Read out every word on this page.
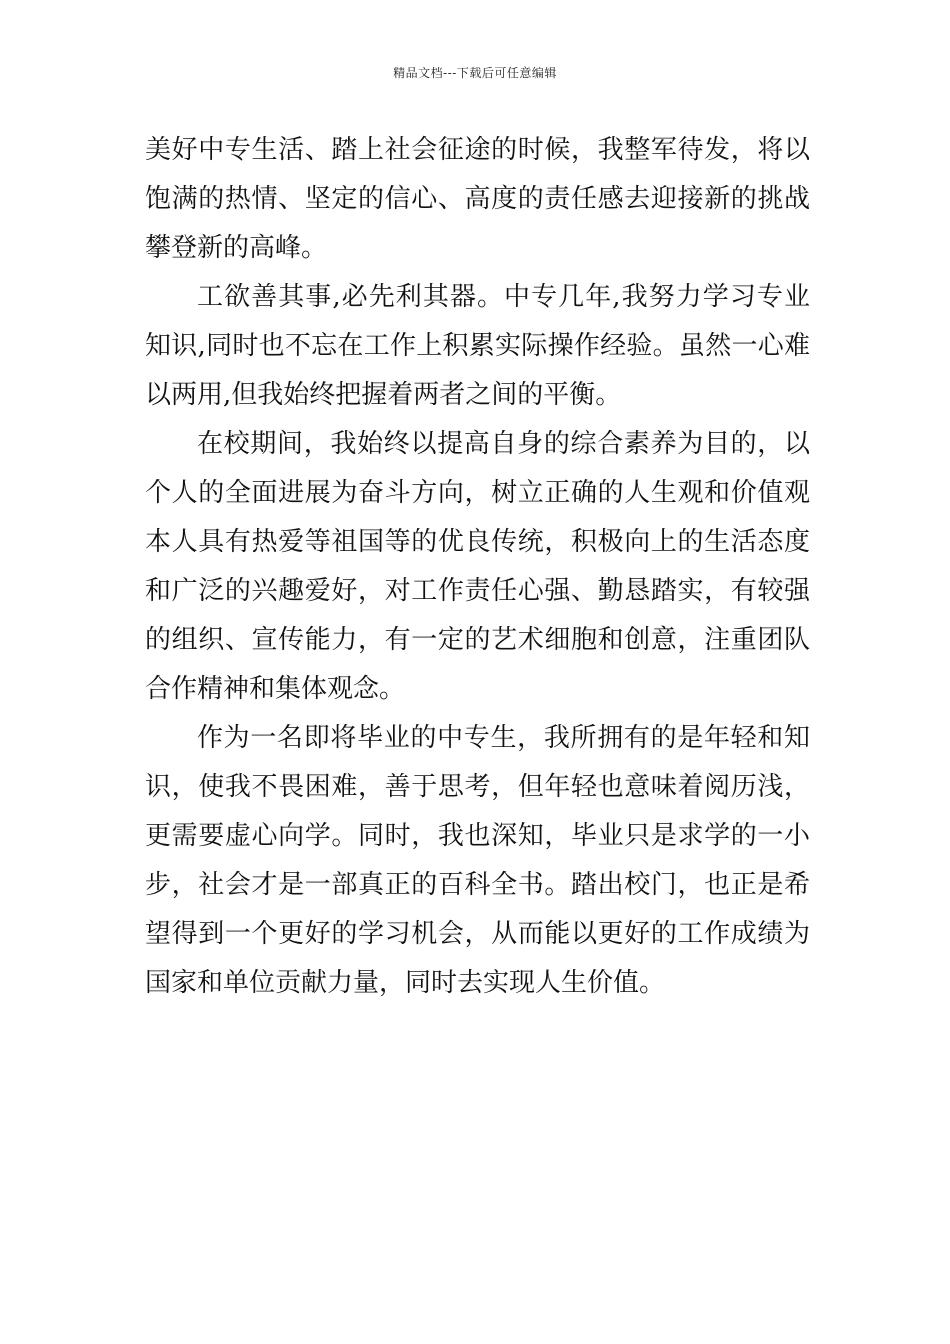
精品文档---下载后可任意编辑

美好中专生活、踏上社会征途的时候，我整军待发，将以饱满的热情、坚定的信心、高度的责任感去迎接新的挑战攀登新的高峰。

工欲善其事,必先利其器。中专几年,我努力学习专业知识,同时也不忘在工作上积累实际操作经验。虽然一心难以两用,但我始终把握着两者之间的平衡。

在校期间，我始终以提高自身的综合素养为目的，以个人的全面进展为奋斗方向，树立正确的人生观和价值观本人具有热爱等祖国等的优良传统，积极向上的生活态度和广泛的兴趣爱好，对工作责任心强、勤恳踏实，有较强的组织、宣传能力，有一定的艺术细胞和创意，注重团队合作精神和集体观念。

作为一名即将毕业的中专生，我所拥有的是年轻和知识，使我不畏困难，善于思考，但年轻也意味着阅历浅，更需要虚心向学。同时，我也深知，毕业只是求学的一小步，社会才是一部真正的百科全书。踏出校门，也正是希望得到一个更好的学习机会，从而能以更好的工作成绩为国家和单位贡献力量，同时去实现人生价值。
